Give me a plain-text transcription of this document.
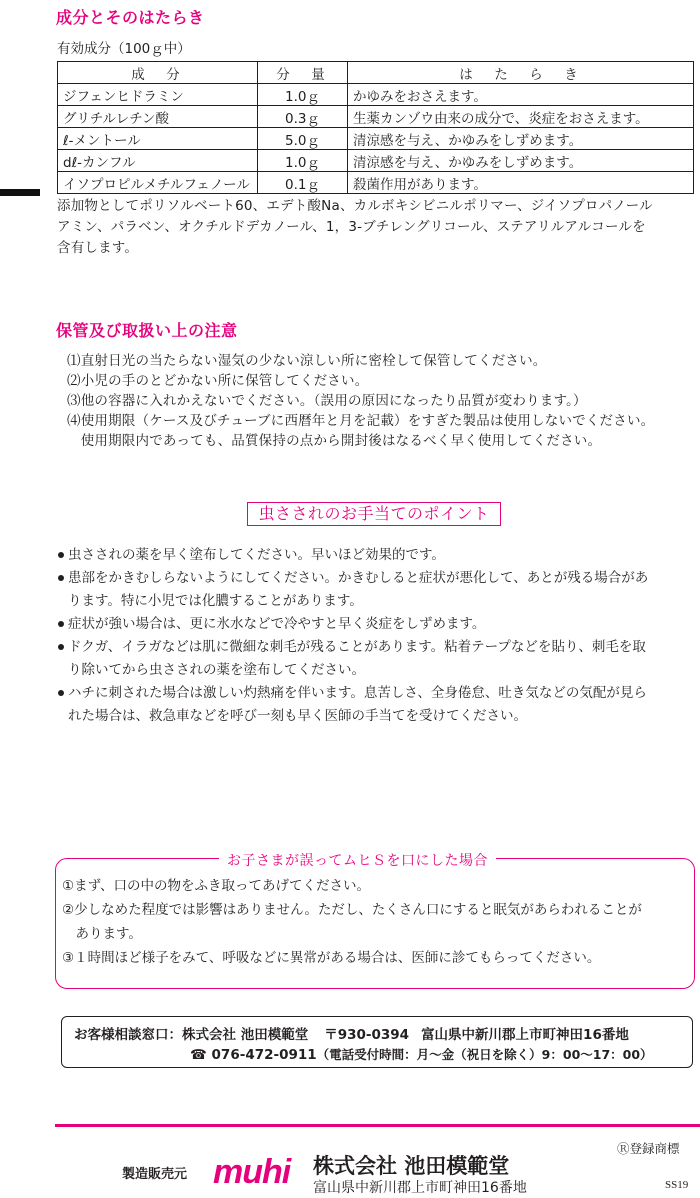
成分とそのはたらき
有効成分（100ｇ中）
成　分	分　量	は　た　ら　き
ジフェンヒドラミン	1.0ｇ	かゆみをおさえます。
グリチルレチン酸	0.3ｇ	生薬カンゾウ由来の成分で、炎症をおさえます。
ℓ-メントール	5.0ｇ	清涼感を与え、かゆみをしずめます。
dℓ-カンフル	1.0ｇ	清涼感を与え、かゆみをしずめます。
イソプロピルメチルフェノール	0.1ｇ	殺菌作用があります。
添加物としてポリソルベート60、エデト酸Na、カルボキシビニルポリマー、ジイソプロパノール
アミン、パラベン、オクチルドデカノール、1，3-ブチレングリコール、ステアリルアルコールを
含有します。
保管及び取扱い上の注意
⑴直射日光の当たらない湿気の少ない涼しい所に密栓して保管してください。
⑵小児の手のとどかない所に保管してください。
⑶他の容器に入れかえないでください。（誤用の原因になったり品質が変わります。）
⑷使用期限（ケース及びチューブに西暦年と月を記載）をすぎた製品は使用しないでください。
　使用期限内であっても、品質保持の点から開封後はなるべく早く使用してください。
虫さされのお手当てのポイント
虫さされの薬を早く塗布してください。早いほど効果的です。
患部をかきむしらないようにしてください。かきむしると症状が悪化して、あとが残る場合があ
ります。特に小児では化膿することがあります。
症状が強い場合は、更に氷水などで冷やすと早く炎症をしずめます。
ドクガ、イラガなどは肌に微細な刺毛が残ることがあります。粘着テープなどを貼り、刺毛を取
り除いてから虫さされの薬を塗布してください。
ハチに刺された場合は激しい灼熱痛を伴います。息苦しさ、全身倦怠、吐き気などの気配が見ら
れた場合は、救急車などを呼び一刻も早く医師の手当てを受けてください。
お子さまが誤ってムヒＳを口にした場合
①まず、口の中の物をふき取ってあげてください。
②少しなめた程度では影響はありません。ただし、たくさん口にすると眠気があらわれることが
　あります。
③１時間ほど様子をみて、呼吸などに異常がある場合は、医師に診てもらってください。
お客様相談窓口：株式会社 池田模範堂 〒930-0394 富山県中新川郡上市町神田16番地
☎ 076-472-0911（電話受付時間：月～金（祝日を除く）9：00～17：00）
Ⓡ登録商標
製造販売元 muhi 株式会社 池田模範堂
富山県中新川郡上市町神田16番地	SS19
